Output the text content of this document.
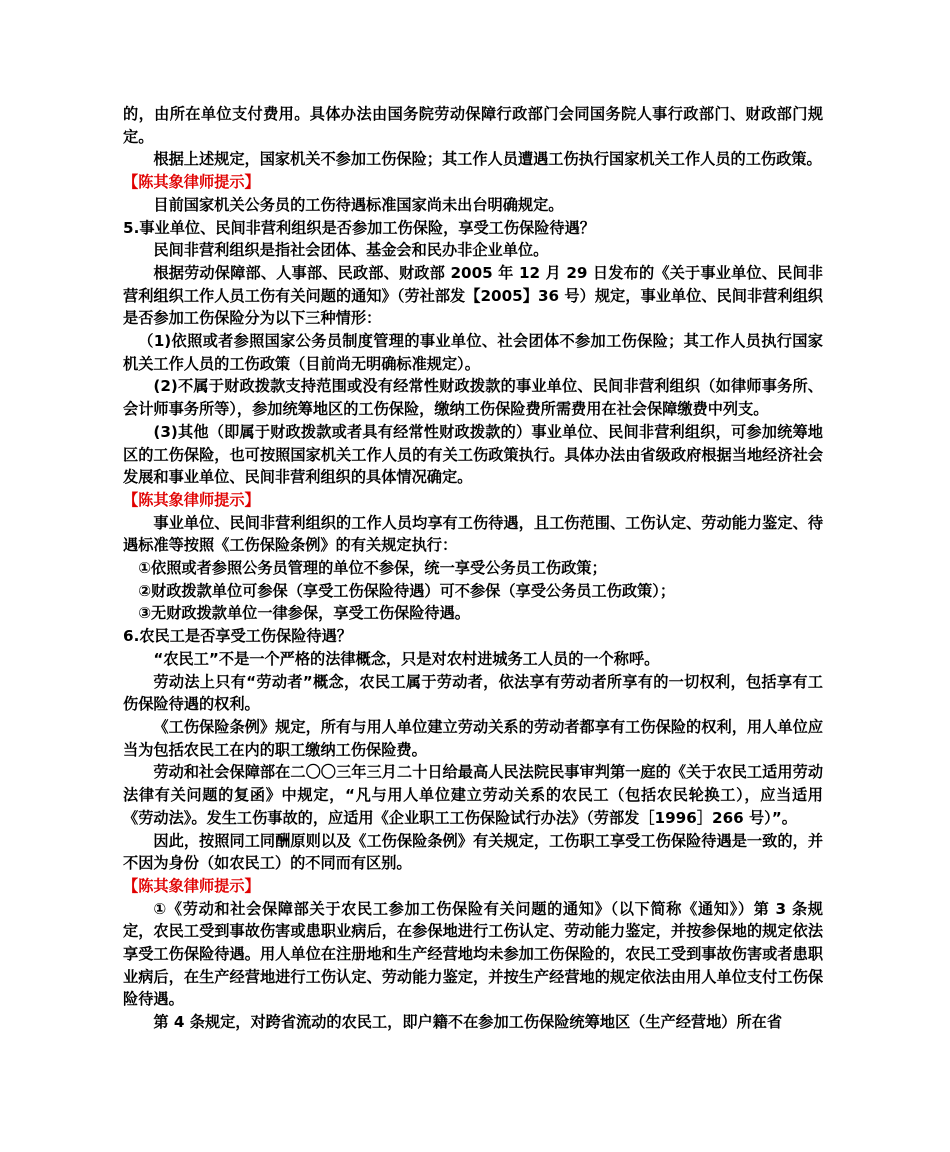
的，由所在单位支付费用。具体办法由国务院劳动保障行政部门会同国务院人事行政部门、财政部门规定。

根据上述规定，国家机关不参加工伤保险；其工作人员遭遇工伤执行国家机关工作人员的工伤政策。

【陈其象律师提示】

目前国家机关公务员的工伤待遇标准国家尚未出台明确规定。

5.事业单位、民间非营利组织是否参加工伤保险，享受工伤保险待遇？

民间非营利组织是指社会团体、基金会和民办非企业单位。

根据劳动保障部、人事部、民政部、财政部 2005 年 12 月 29 日发布的《关于事业单位、民间非营利组织工作人员工伤有关问题的通知》（劳社部发【2005】36 号）规定，事业单位、民间非营利组织是否参加工伤保险分为以下三种情形：

（1)依照或者参照国家公务员制度管理的事业单位、社会团体不参加工伤保险；其工作人员执行国家机关工作人员的工伤政策（目前尚无明确标准规定）。

(2)不属于财政拨款支持范围或没有经常性财政拨款的事业单位、民间非营利组织（如律师事务所、会计师事务所等），参加统筹地区的工伤保险，缴纳工伤保险费所需费用在社会保障缴费中列支。

(3)其他（即属于财政拨款或者具有经常性财政拨款的）事业单位、民间非营利组织，可参加统筹地区的工伤保险，也可按照国家机关工作人员的有关工伤政策执行。具体办法由省级政府根据当地经济社会发展和事业单位、民间非营利组织的具体情况确定。

【陈其象律师提示】

事业单位、民间非营利组织的工作人员均享有工伤待遇，且工伤范围、工伤认定、劳动能力鉴定、待遇标准等按照《工伤保险条例》的有关规定执行：

①依照或者参照公务员管理的单位不参保，统一享受公务员工伤政策；

②财政拨款单位可参保（享受工伤保险待遇）可不参保（享受公务员工伤政策）；

③无财政拨款单位一律参保，享受工伤保险待遇。

6.农民工是否享受工伤保险待遇？

“农民工”不是一个严格的法律概念，只是对农村进城务工人员的一个称呼。

劳动法上只有“劳动者”概念，农民工属于劳动者，依法享有劳动者所享有的一切权利，包括享有工伤保险待遇的权利。

《工伤保险条例》规定，所有与用人单位建立劳动关系的劳动者都享有工伤保险的权利，用人单位应当为包括农民工在内的职工缴纳工伤保险费。

劳动和社会保障部在二〇〇三年三月二十日给最高人民法院民事审判第一庭的《关于农民工适用劳动法律有关问题的复函》中规定，“凡与用人单位建立劳动关系的农民工（包括农民轮换工），应当适用《劳动法》。发生工伤事故的，应适用《企业职工工伤保险试行办法》（劳部发［1996］266 号）”。

因此，按照同工同酬原则以及《工伤保险条例》有关规定，工伤职工享受工伤保险待遇是一致的，并不因为身份（如农民工）的不同而有区别。

【陈其象律师提示】

①《劳动和社会保障部关于农民工参加工伤保险有关问题的通知》（以下简称《通知》）第 3 条规定，农民工受到事故伤害或患职业病后，在参保地进行工伤认定、劳动能力鉴定，并按参保地的规定依法享受工伤保险待遇。用人单位在注册地和生产经营地均未参加工伤保险的，农民工受到事故伤害或者患职业病后，在生产经营地进行工伤认定、劳动能力鉴定，并按生产经营地的规定依法由用人单位支付工伤保险待遇。

第 4 条规定，对跨省流动的农民工，即户籍不在参加工伤保险统筹地区（生产经营地）所在省
